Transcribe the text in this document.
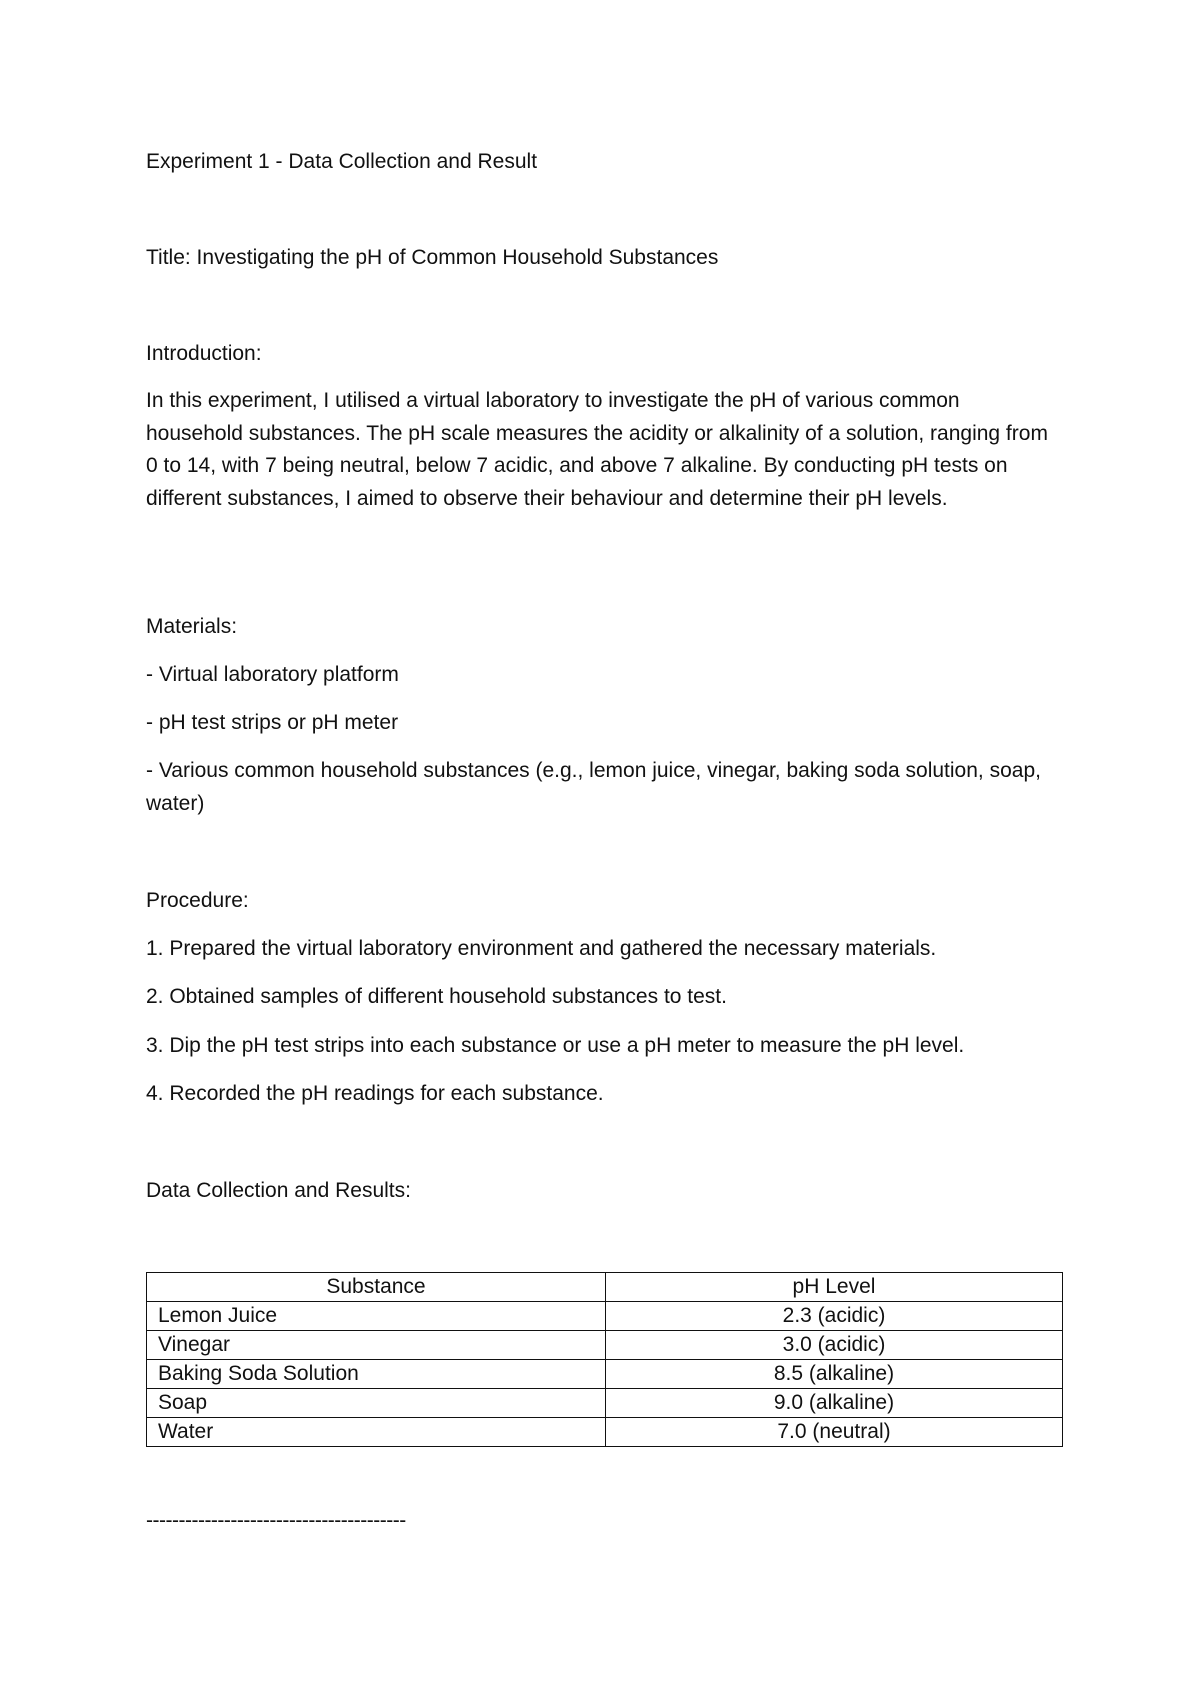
Experiment 1 - Data Collection and Result

Title: Investigating the pH of Common Household Substances

Introduction:

In this experiment, I utilised a virtual laboratory to investigate the pH of various common household substances. The pH scale measures the acidity or alkalinity of a solution, ranging from 0 to 14, with 7 being neutral, below 7 acidic, and above 7 alkaline. By conducting pH tests on different substances, I aimed to observe their behaviour and determine their pH levels.

Materials:

- Virtual laboratory platform

- pH test strips or pH meter

- Various common household substances (e.g., lemon juice, vinegar, baking soda solution, soap, water)

Procedure:

1. Prepared the virtual laboratory environment and gathered the necessary materials.

2. Obtained samples of different household substances to test.

3. Dip the pH test strips into each substance or use a pH meter to measure the pH level.

4. Recorded the pH readings for each substance.

Data Collection and Results:

Substance	pH Level
Lemon Juice	2.3 (acidic)
Vinegar	3.0 (acidic)
Baking Soda Solution	8.5 (alkaline)
Soap	9.0 (alkaline)
Water	7.0 (neutral)
----------------------------------------
